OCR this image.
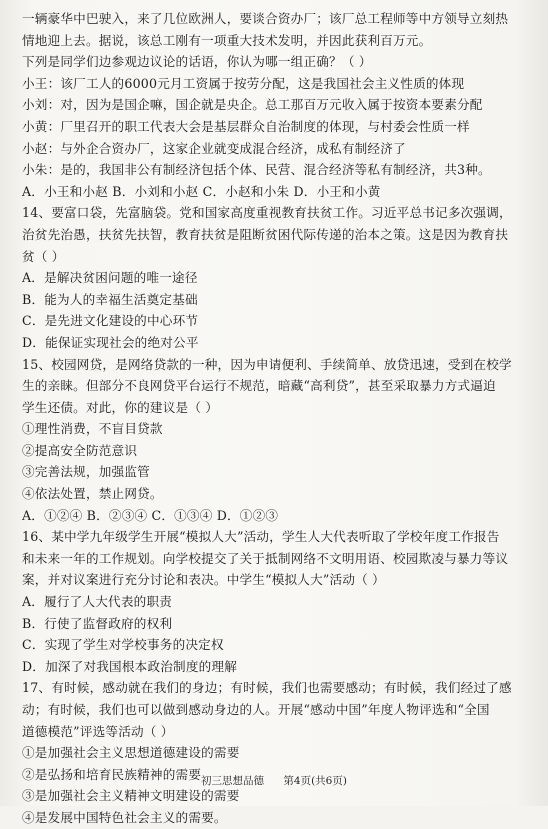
一辆豪华中巴驶入，来了几位欧洲人，要谈合资办厂；该厂总工程师等中方领导立刻热
情地迎上去。据说，该总工刚有一项重大技术发明，并因此获利百万元。
下列是同学们边参观边议论的话语，你认为哪一组正确？（ ）
小王：该厂工人的6000元月工资属于按劳分配，这是我国社会主义性质的体现
小刘：对，因为是国企嘛，国企就是央企。总工那百万元收入属于按资本要素分配
小黄：厂里召开的职工代表大会是基层群众自治制度的体现，与村委会性质一样
小赵：与外企合资办厂，这家企业就变成混合经济，成私有制经济了
小朱：是的，我国非公有制经济包括个体、民营、混合经济等私有制经济，共3种。
A．小王和小赵 B．小刘和小赵 C．小赵和小朱 D．小王和小黄
14、要富口袋，先富脑袋。党和国家高度重视教育扶贫工作。习近平总书记多次强调，
治贫先治愚，扶贫先扶智，教育扶贫是阻断贫困代际传递的治本之策。这是因为教育扶
贫（ ）
A．是解决贫困问题的唯一途径
B．能为人的幸福生活奠定基础
C．是先进文化建设的中心环节
D．能保证实现社会的绝对公平
15、校园网贷，是网络贷款的一种，因为申请便利、手续简单、放贷迅速，受到在校学
生的亲睐。但部分不良网贷平台运行不规范，暗藏“高利贷”，甚至采取暴力方式逼迫
学生还债。对此，你的建议是（ ）
①理性消费，不盲目贷款
②提高安全防范意识
③完善法规，加强监管
④依法处置，禁止网贷。
A．①②④ B．②③④ C．①③④ D．①②③
16、某中学九年级学生开展“模拟人大”活动，学生人大代表听取了学校年度工作报告
和未来一年的工作规划。向学校提交了关于抵制网络不文明用语、校园欺凌与暴力等议
案，并对议案进行充分讨论和表决。中学生“模拟人大”活动（ ）
A．履行了人大代表的职责
B．行使了监督政府的权利
C．实现了学生对学校事务的决定权
D．加深了对我国根本政治制度的理解
17、有时候，感动就在我们的身边；有时候，我们也需要感动；有时候，我们经过了感
动；有时候，我们也可以做到感动身边的人。开展“感动中国”年度人物评选和“全国
道德模范”评选等活动（ ）
①是加强社会主义思想道德建设的需要
②是弘扬和培育民族精神的需要
③是加强社会主义精神文明建设的需要
④是发展中国特色社会主义的需要。
初三思想品德 第4页(共6页)
